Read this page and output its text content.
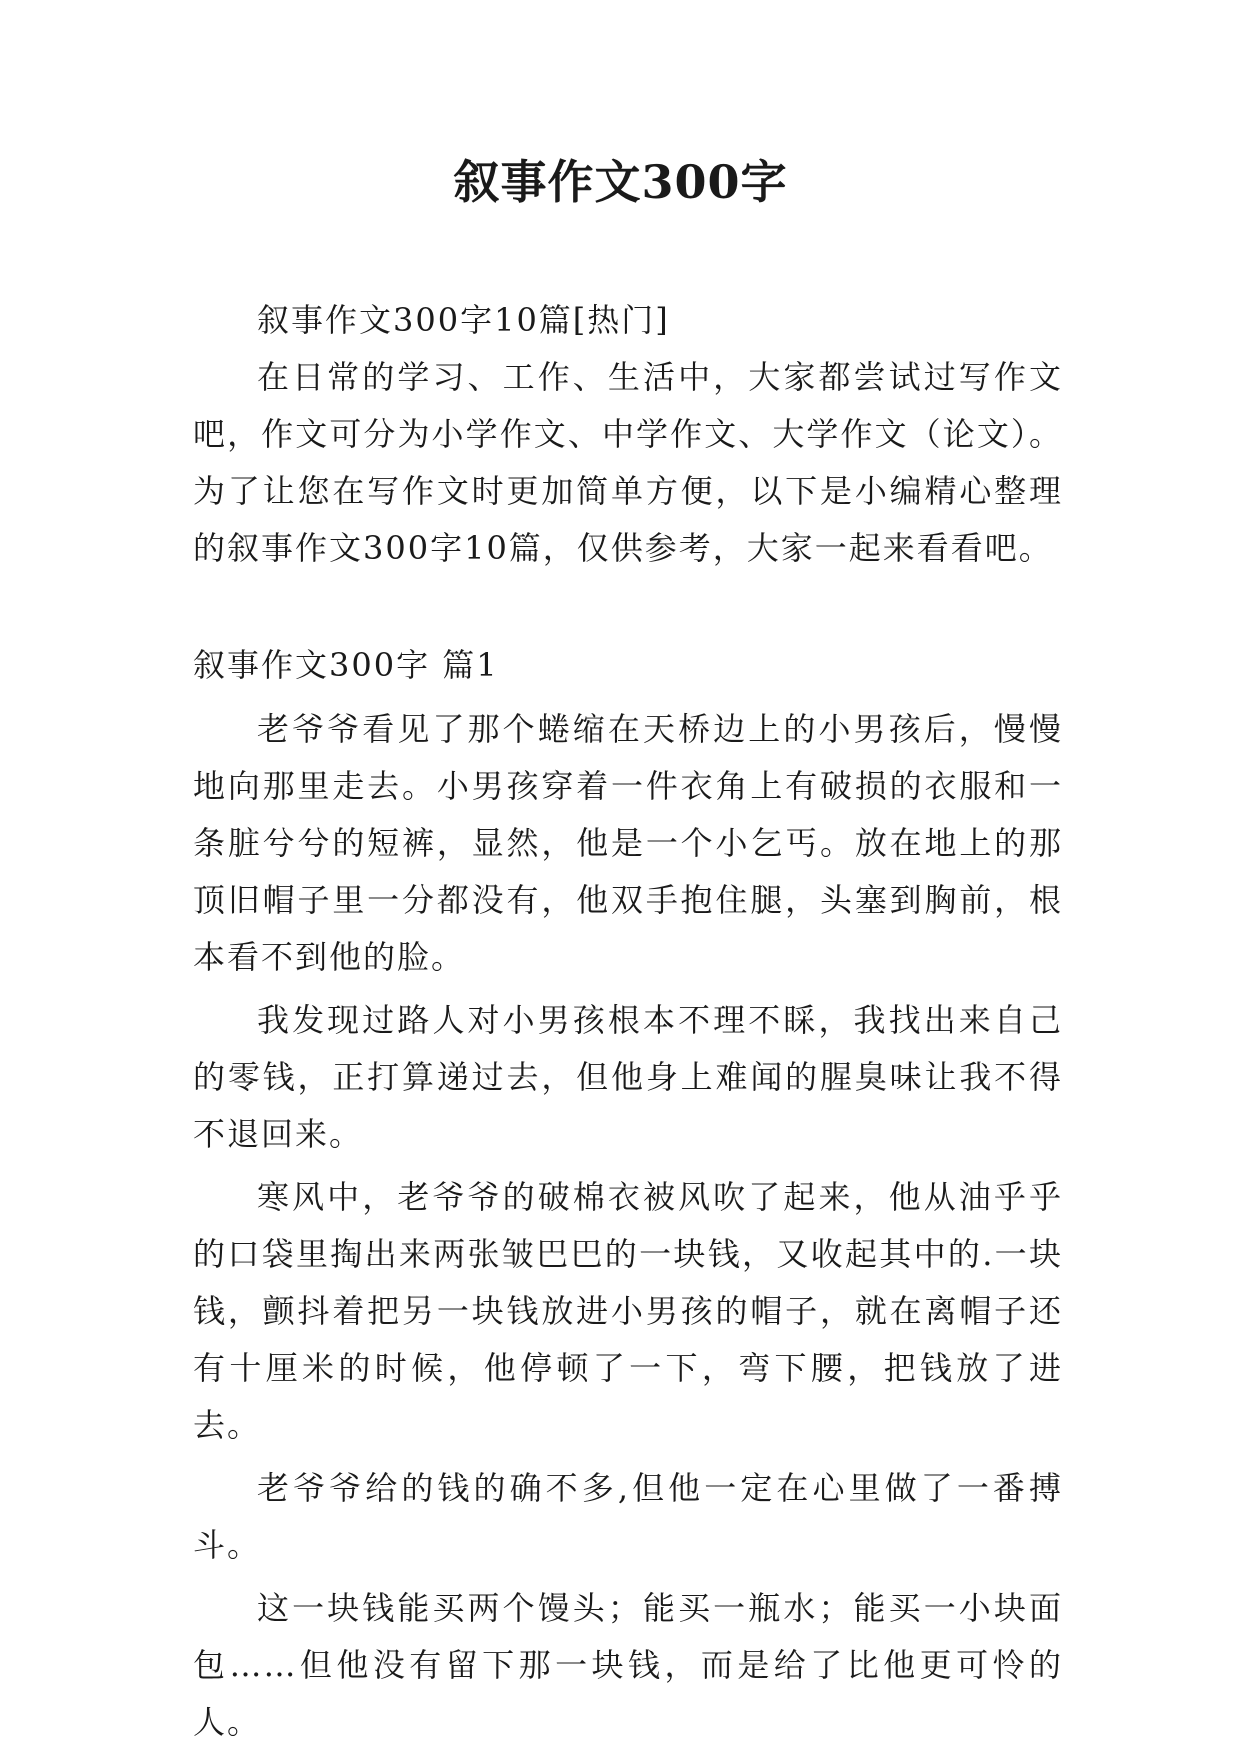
叙事作文300字

叙事作文300字10篇[热门]

在日常的学习、工作、生活中，大家都尝试过写作文吧，作文可分为小学作文、中学作文、大学作文（论文）。为了让您在写作文时更加简单方便，以下是小编精心整理的叙事作文300字10篇，仅供参考，大家一起来看看吧。

叙事作文300字 篇1

老爷爷看见了那个蜷缩在天桥边上的小男孩后，慢慢地向那里走去。小男孩穿着一件衣角上有破损的衣服和一条脏兮兮的短裤，显然，他是一个小乞丐。放在地上的那顶旧帽子里一分都没有，他双手抱住腿，头塞到胸前，根本看不到他的脸。

我发现过路人对小男孩根本不理不睬，我找出来自己的零钱，正打算递过去，但他身上难闻的腥臭味让我不得不退回来。

寒风中，老爷爷的破棉衣被风吹了起来，他从油乎乎的口袋里掏出来两张皱巴巴的一块钱，又收起其中的.一块钱，颤抖着把另一块钱放进小男孩的帽子，就在离帽子还有十厘米的时候，他停顿了一下，弯下腰，把钱放了进去。

老爷爷给的钱的确不多,但他一定在心里做了一番搏斗。

这一块钱能买两个馒头；能买一瓶水；能买一小块面包……但他没有留下那一块钱，而是给了比他更可怜的人。
